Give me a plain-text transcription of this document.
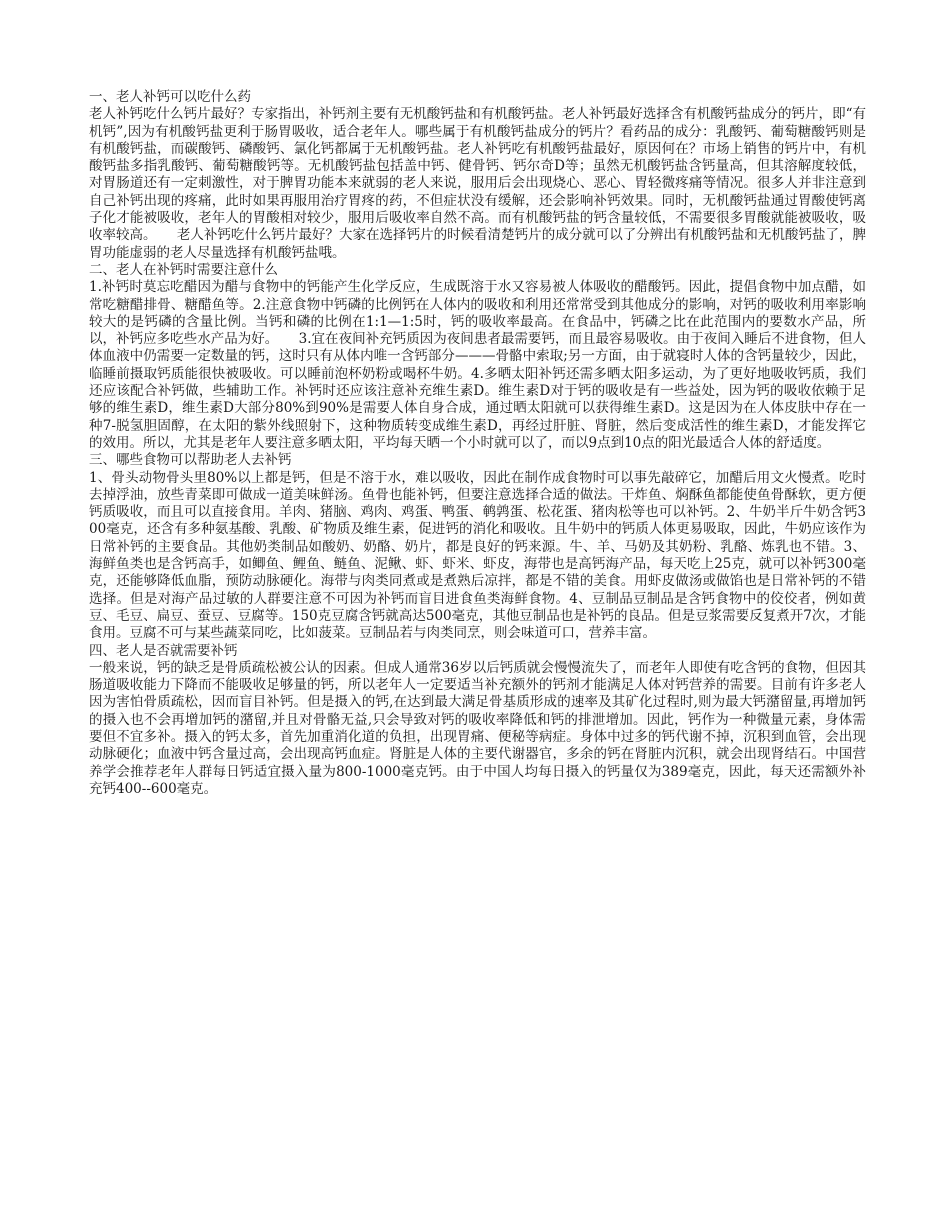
一、老人补钙可以吃什么药

老人补钙吃什么钙片最好？专家指出，补钙剂主要有无机酸钙盐和有机酸钙盐。老人补钙最好选择含有机酸钙盐成分的钙片，即“有机钙”,因为有机酸钙盐更利于肠胃吸收，适合老年人。哪些属于有机酸钙盐成分的钙片？看药品的成分：乳酸钙、葡萄糖酸钙则是有机酸钙盐，而碳酸钙、磷酸钙、氯化钙都属于无机酸钙盐。老人补钙吃有机酸钙盐最好，原因何在？市场上销售的钙片中，有机酸钙盐多指乳酸钙、葡萄糖酸钙等。无机酸钙盐包括盖中钙、健骨钙、钙尔奇D等；虽然无机酸钙盐含钙量高，但其溶解度较低，对胃肠道还有一定刺激性，对于脾胃功能本来就弱的老人来说，服用后会出现烧心、恶心、胃轻微疼痛等情况。很多人并非注意到自己补钙出现的疼痛，此时如果再服用治疗胃疼的药，不但症状没有缓解，还会影响补钙效果。同时，无机酸钙盐通过胃酸使钙离子化才能被吸收，老年人的胃酸相对较少，服用后吸收率自然不高。而有机酸钙盐的钙含量较低，不需要很多胃酸就能被吸收，吸收率较高。　　老人补钙吃什么钙片最好？大家在选择钙片的时候看清楚钙片的成分就可以了分辨出有机酸钙盐和无机酸钙盐了，脾胃功能虚弱的老人尽量选择有机酸钙盐哦。

二、老人在补钙时需要注意什么

1.补钙时莫忘吃醋因为醋与食物中的钙能产生化学反应，生成既溶于水又容易被人体吸收的醋酸钙。因此，提倡食物中加点醋，如常吃糖醋排骨、糖醋鱼等。2.注意食物中钙磷的比例钙在人体内的吸收和利用还常常受到其他成分的影响，对钙的吸收利用率影响较大的是钙磷的含量比例。当钙和磷的比例在1:1—1:5时，钙的吸收率最高。在食品中，钙磷之比在此范围内的要数水产品，所以，补钙应多吃些水产品为好。　　3.宜在夜间补充钙质因为夜间患者最需要钙，而且最容易吸收。由于夜间入睡后不进食物，但人体血液中仍需要一定数量的钙，这时只有从体内唯一含钙部分———骨骼中索取;另一方面，由于就寝时人体的含钙量较少，因此，临睡前摄取钙质能很快被吸收。可以睡前泡杯奶粉或喝杯牛奶。4.多晒太阳补钙还需多晒太阳多运动，为了更好地吸收钙质，我们还应该配合补钙做，些辅助工作。补钙时还应该注意补充维生素D。维生素D对于钙的吸收是有一些益处，因为钙的吸收依赖于足够的维生素D，维生素D大部分80%到90%是需要人体自身合成，通过晒太阳就可以获得维生素D。这是因为在人体皮肤中存在一种7-脱氢胆固醇，在太阳的紫外线照射下，这种物质转变成维生素D，再经过肝脏、肾脏，然后变成活性的维生素D，才能发挥它的效用。所以，尤其是老年人要注意多晒太阳，平均每天晒一个小时就可以了，而以9点到10点的阳光最适合人体的舒适度。

三、哪些食物可以帮助老人去补钙

1、骨头动物骨头里80%以上都是钙，但是不溶于水，难以吸收，因此在制作成食物时可以事先敲碎它，加醋后用文火慢煮。吃时去掉浮油，放些青菜即可做成一道美味鲜汤。鱼骨也能补钙，但要注意选择合适的做法。干炸鱼、焖酥鱼都能使鱼骨酥软，更方便钙质吸收，而且可以直接食用。羊肉、猪脑、鸡肉、鸡蛋、鸭蛋、鹌鹑蛋、松花蛋、猪肉松等也可以补钙。2、牛奶半斤牛奶含钙300毫克，还含有多种氨基酸、乳酸、矿物质及维生素，促进钙的消化和吸收。且牛奶中的钙质人体更易吸取，因此，牛奶应该作为日常补钙的主要食品。其他奶类制品如酸奶、奶酪、奶片，都是良好的钙来源。牛、羊、马奶及其奶粉、乳酪、炼乳也不错。3、海鲜鱼类也是含钙高手，如鲫鱼、鲤鱼、鲢鱼、泥鳅、虾、虾米、虾皮，海带也是高钙海产品，每天吃上25克，就可以补钙300毫克，还能够降低血脂，预防动脉硬化。海带与肉类同煮或是煮熟后凉拌，都是不错的美食。用虾皮做汤或做馅也是日常补钙的不错选择。但是对海产品过敏的人群要注意不可因为补钙而盲目进食鱼类海鲜食物。4、豆制品豆制品是含钙食物中的佼佼者，例如黄豆、毛豆、扁豆、蚕豆、豆腐等。150克豆腐含钙就高达500毫克，其他豆制品也是补钙的良品。但是豆浆需要反复煮开7次，才能食用。豆腐不可与某些蔬菜同吃，比如菠菜。豆制品若与肉类同烹，则会味道可口，营养丰富。

四、老人是否就需要补钙

一般来说，钙的缺乏是骨质疏松被公认的因素。但成人通常36岁以后钙质就会慢慢流失了，而老年人即使有吃含钙的食物，但因其肠道吸收能力下降而不能吸收足够量的钙，所以老年人一定要适当补充额外的钙剂才能满足人体对钙营养的需要。目前有许多老人因为害怕骨质疏松，因而盲目补钙。但是摄入的钙,在达到最大满足骨基质形成的速率及其矿化过程时,则为最大钙潴留量,再增加钙的摄入也不会再增加钙的潴留,并且对骨骼无益,只会导致对钙的吸收率降低和钙的排泄增加。因此，钙作为一种微量元素，身体需要但不宜多补。摄入的钙太多，首先加重消化道的负担，出现胃痛、便秘等病症。身体中过多的钙代谢不掉，沉积到血管，会出现动脉硬化；血液中钙含量过高，会出现高钙血症。肾脏是人体的主要代谢器官，多余的钙在肾脏内沉积，就会出现肾结石。中国营养学会推荐老年人群每日钙适宜摄入量为800-1000毫克钙。由于中国人均每日摄入的钙量仅为389毫克，因此，每天还需额外补充钙400--600毫克。
